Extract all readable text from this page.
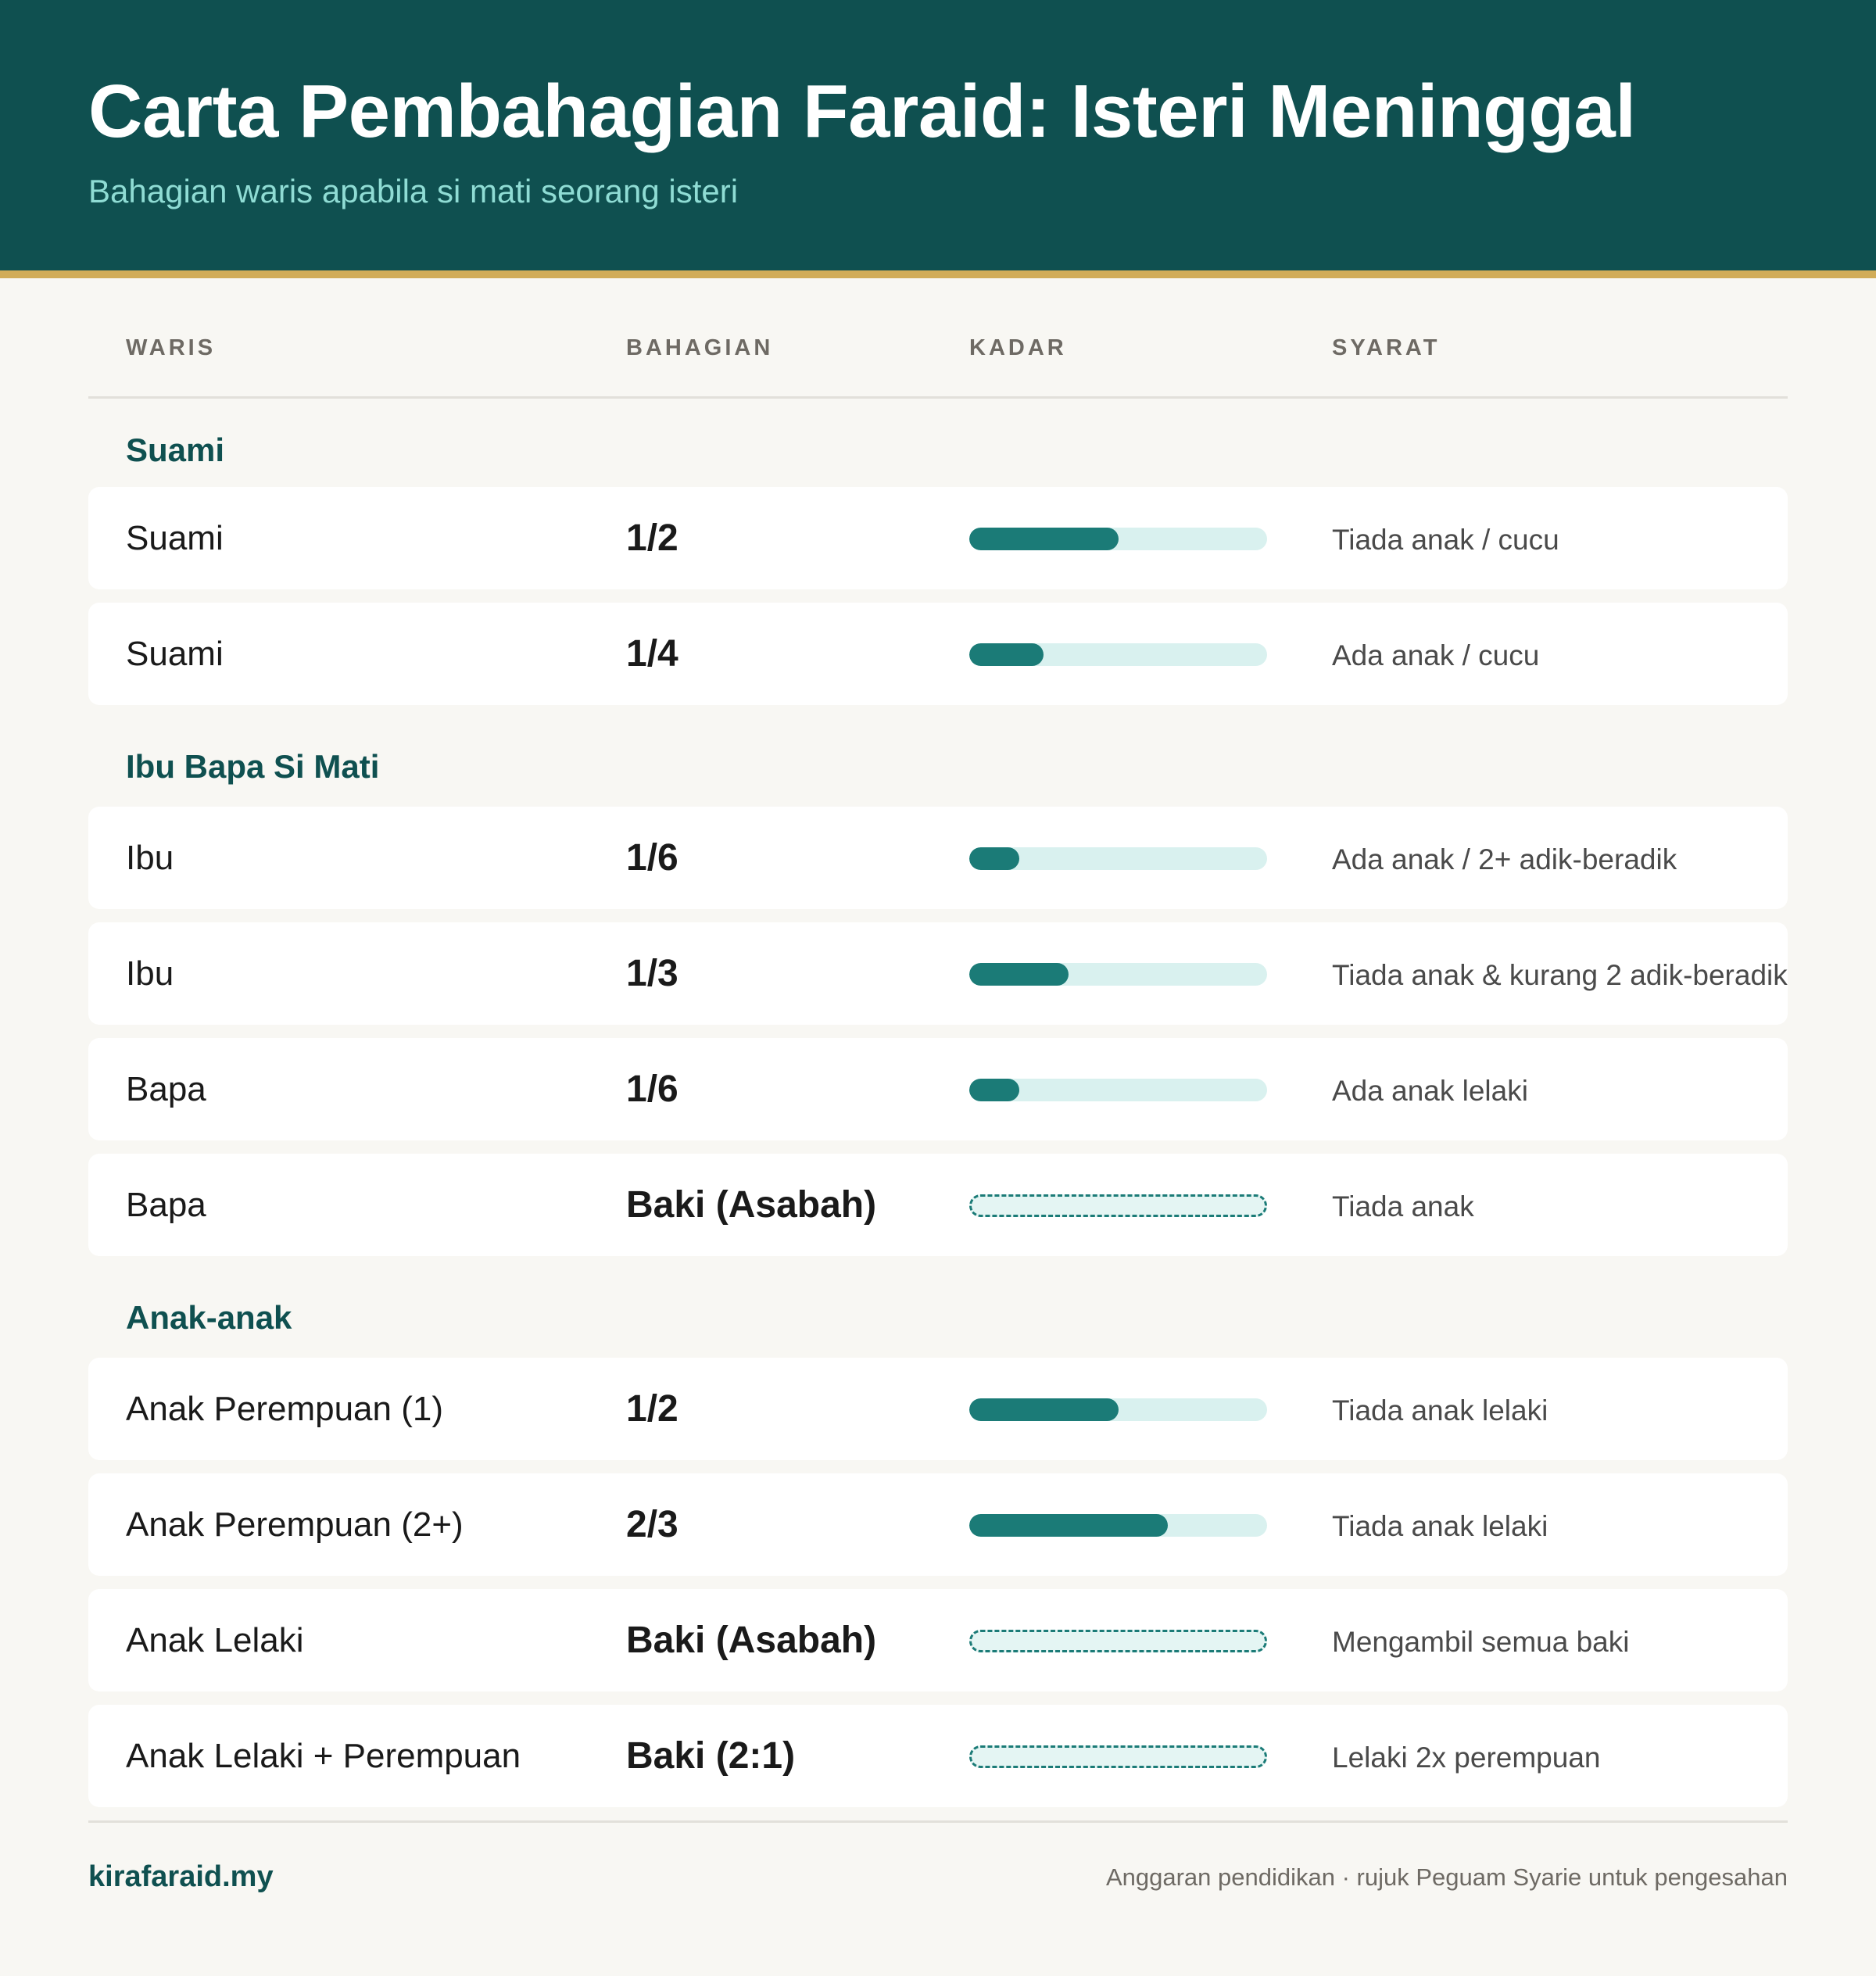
Carta Pembahagian Faraid: Isteri Meninggal
Bahagian waris apabila si mati seorang isteri
WARIS	BAHAGIAN	KADAR	SYARAT
Suami
Suami	1/2	Tiada anak / cucu
Suami	1/4	Ada anak / cucu
Ibu Bapa Si Mati
Ibu	1/6	Ada anak / 2+ adik-beradik
Ibu	1/3	Tiada anak & kurang 2 adik-beradik
Bapa	1/6	Ada anak lelaki
Bapa	Baki (Asabah)	Tiada anak
Anak-anak
Anak Perempuan (1)	1/2	Tiada anak lelaki
Anak Perempuan (2+)	2/3	Tiada anak lelaki
Anak Lelaki	Baki (Asabah)	Mengambil semua baki
Anak Lelaki + Perempuan	Baki (2:1)	Lelaki 2x perempuan
kirafaraid.my	Anggaran pendidikan · rujuk Peguam Syarie untuk pengesahan
